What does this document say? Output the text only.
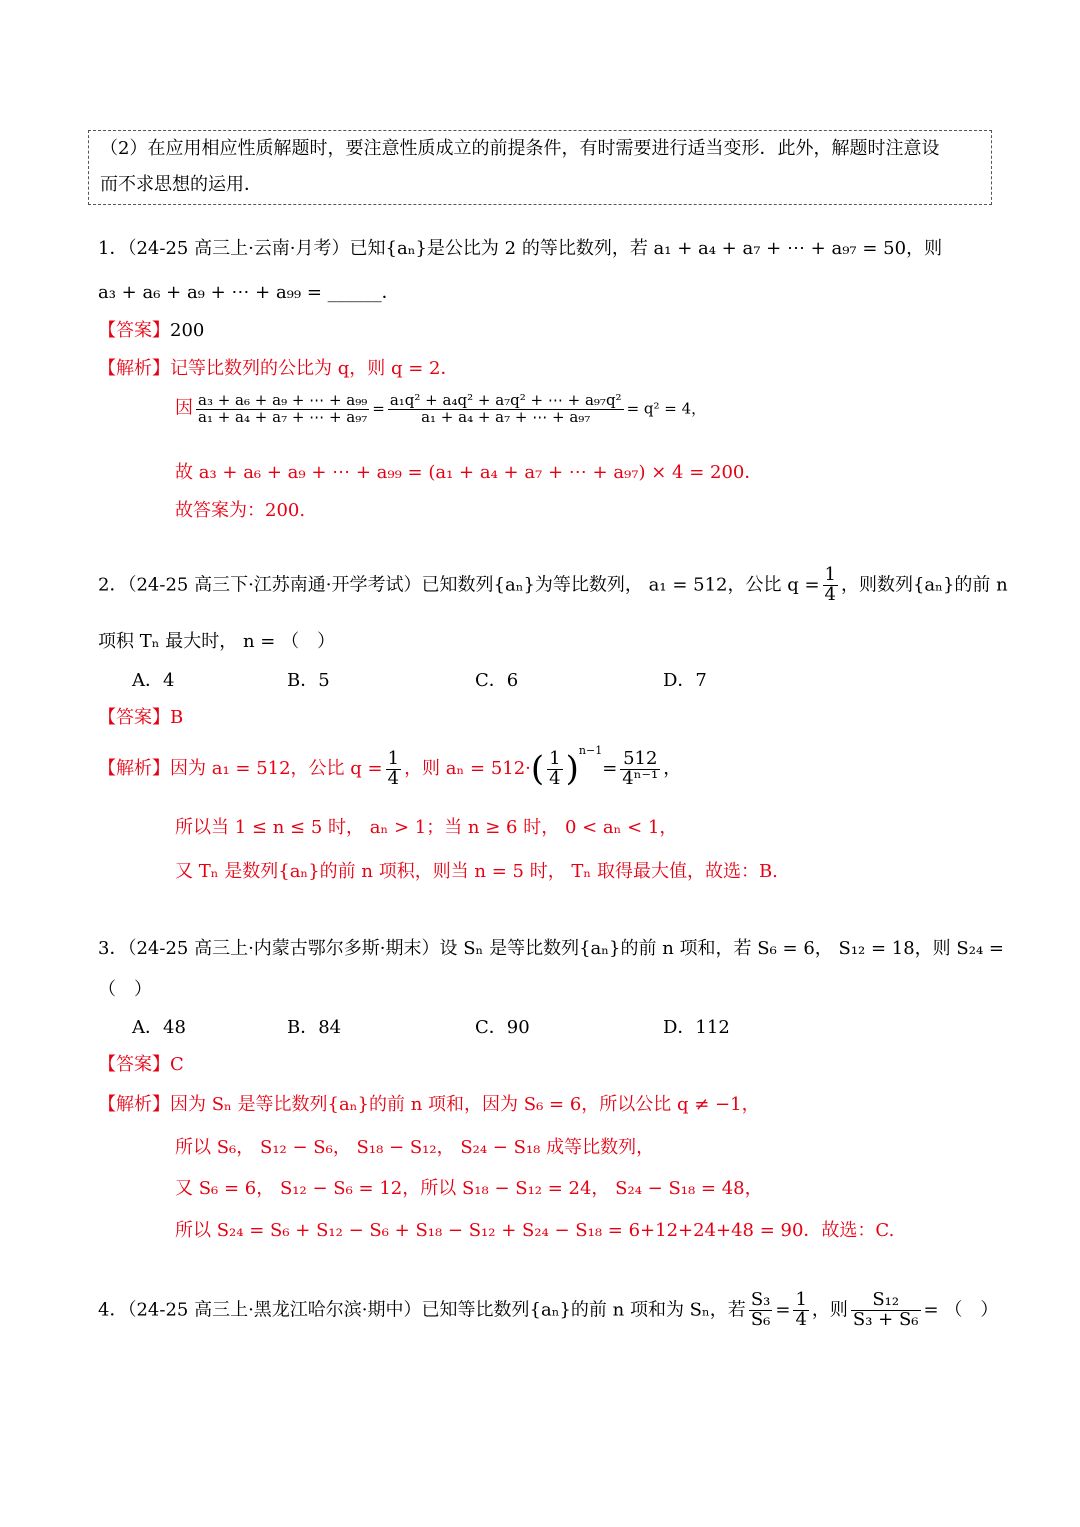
（2）在应用相应性质解题时，要注意性质成立的前提条件，有时需要进行适当变形．此外，解题时注意设
而不求思想的运用．
1．（24-25 高三上·云南·月考）已知{aₙ}是公比为 2 的等比数列，若 a₁ + a₄ + a₇ + ⋯ + a₉₇ = 50，则
a₃ + a₆ + a₉ + ⋯ + a₉₉ = ______．
【答案】200
【解析】记等比数列的公比为 q，则 q = 2．
因 $\frac{\text{a₃ + a₆ + a₉ + ⋯ + a₉₉}}{\text{a₁ + a₄ + a₇ + ⋯ + a₉₇}} = \frac{\text{a₁q² + a₄q² + a₇q² + ⋯ + a₉₇q²}}{\text{a₁ + a₄ + a₇ + ⋯ + a₉₇}} = q^2 = 4$，
故 a₃ + a₆ + a₉ + ⋯ + a₉₉ = (a₁ + a₄ + a₇ + ⋯ + a₉₇) × 4 = 200．
故答案为：200.
2．（24-25 高三下·江苏南通·开学考试）已知数列{aₙ}为等比数列， a₁ = 512，公比 $q = \frac{1}{4}$ ，则数列{aₙ}的前 n
项积 Tₙ 最大时， n = （　）
A．4	B．5	C．6	D．7
【答案】B
【解析】因为 a₁ = 512，公比 $q = \frac{1}{4}$ ，则 $a_n = 512\cdot( \frac{1}{4} )^{n-1}= \frac{512}{\text{4ⁿ⁻¹}}$ ，
所以当 1 ≤ n ≤ 5 时， aₙ > 1；当 n ≥ 6 时， 0 < aₙ < 1，
又 Tₙ 是数列{aₙ}的前 n 项积，则当 n = 5 时， Tₙ 取得最大值，故选：B.
3．（24-25 高三上·内蒙古鄂尔多斯·期末）设 Sₙ 是等比数列{aₙ}的前 n 项和，若 S₆ = 6， S₁₂ = 18，则 S₂₄ =
（　）
A．48	B．84	C．90	D．112
【答案】C
【解析】因为 Sₙ 是等比数列{aₙ}的前 n 项和，因为 S₆ = 6，所以公比 q ≠ −1，
所以 S₆， S₁₂ − S₆， S₁₈ − S₁₂， S₂₄ − S₁₈ 成等比数列，
又 S₆ = 6， S₁₂ − S₆ = 12，所以 S₁₈ − S₁₂ = 24， S₂₄ − S₁₈ = 48，
所以 S₂₄ = S₆ + S₁₂ − S₆ + S₁₈ − S₁₂ + S₂₄ − S₁₈ = 6+12+24+48 = 90．故选：C.
4．（24-25 高三上·黑龙江哈尔滨·期中）已知等比数列{aₙ}的前 n 项和为 Sₙ，若 $\frac{\text{S₃}}{\text{S₆}} = \frac{1}{4}$ ，则 $\frac{\text{S₁₂}}{\text{S₃ + S₆}}$ = （　）
